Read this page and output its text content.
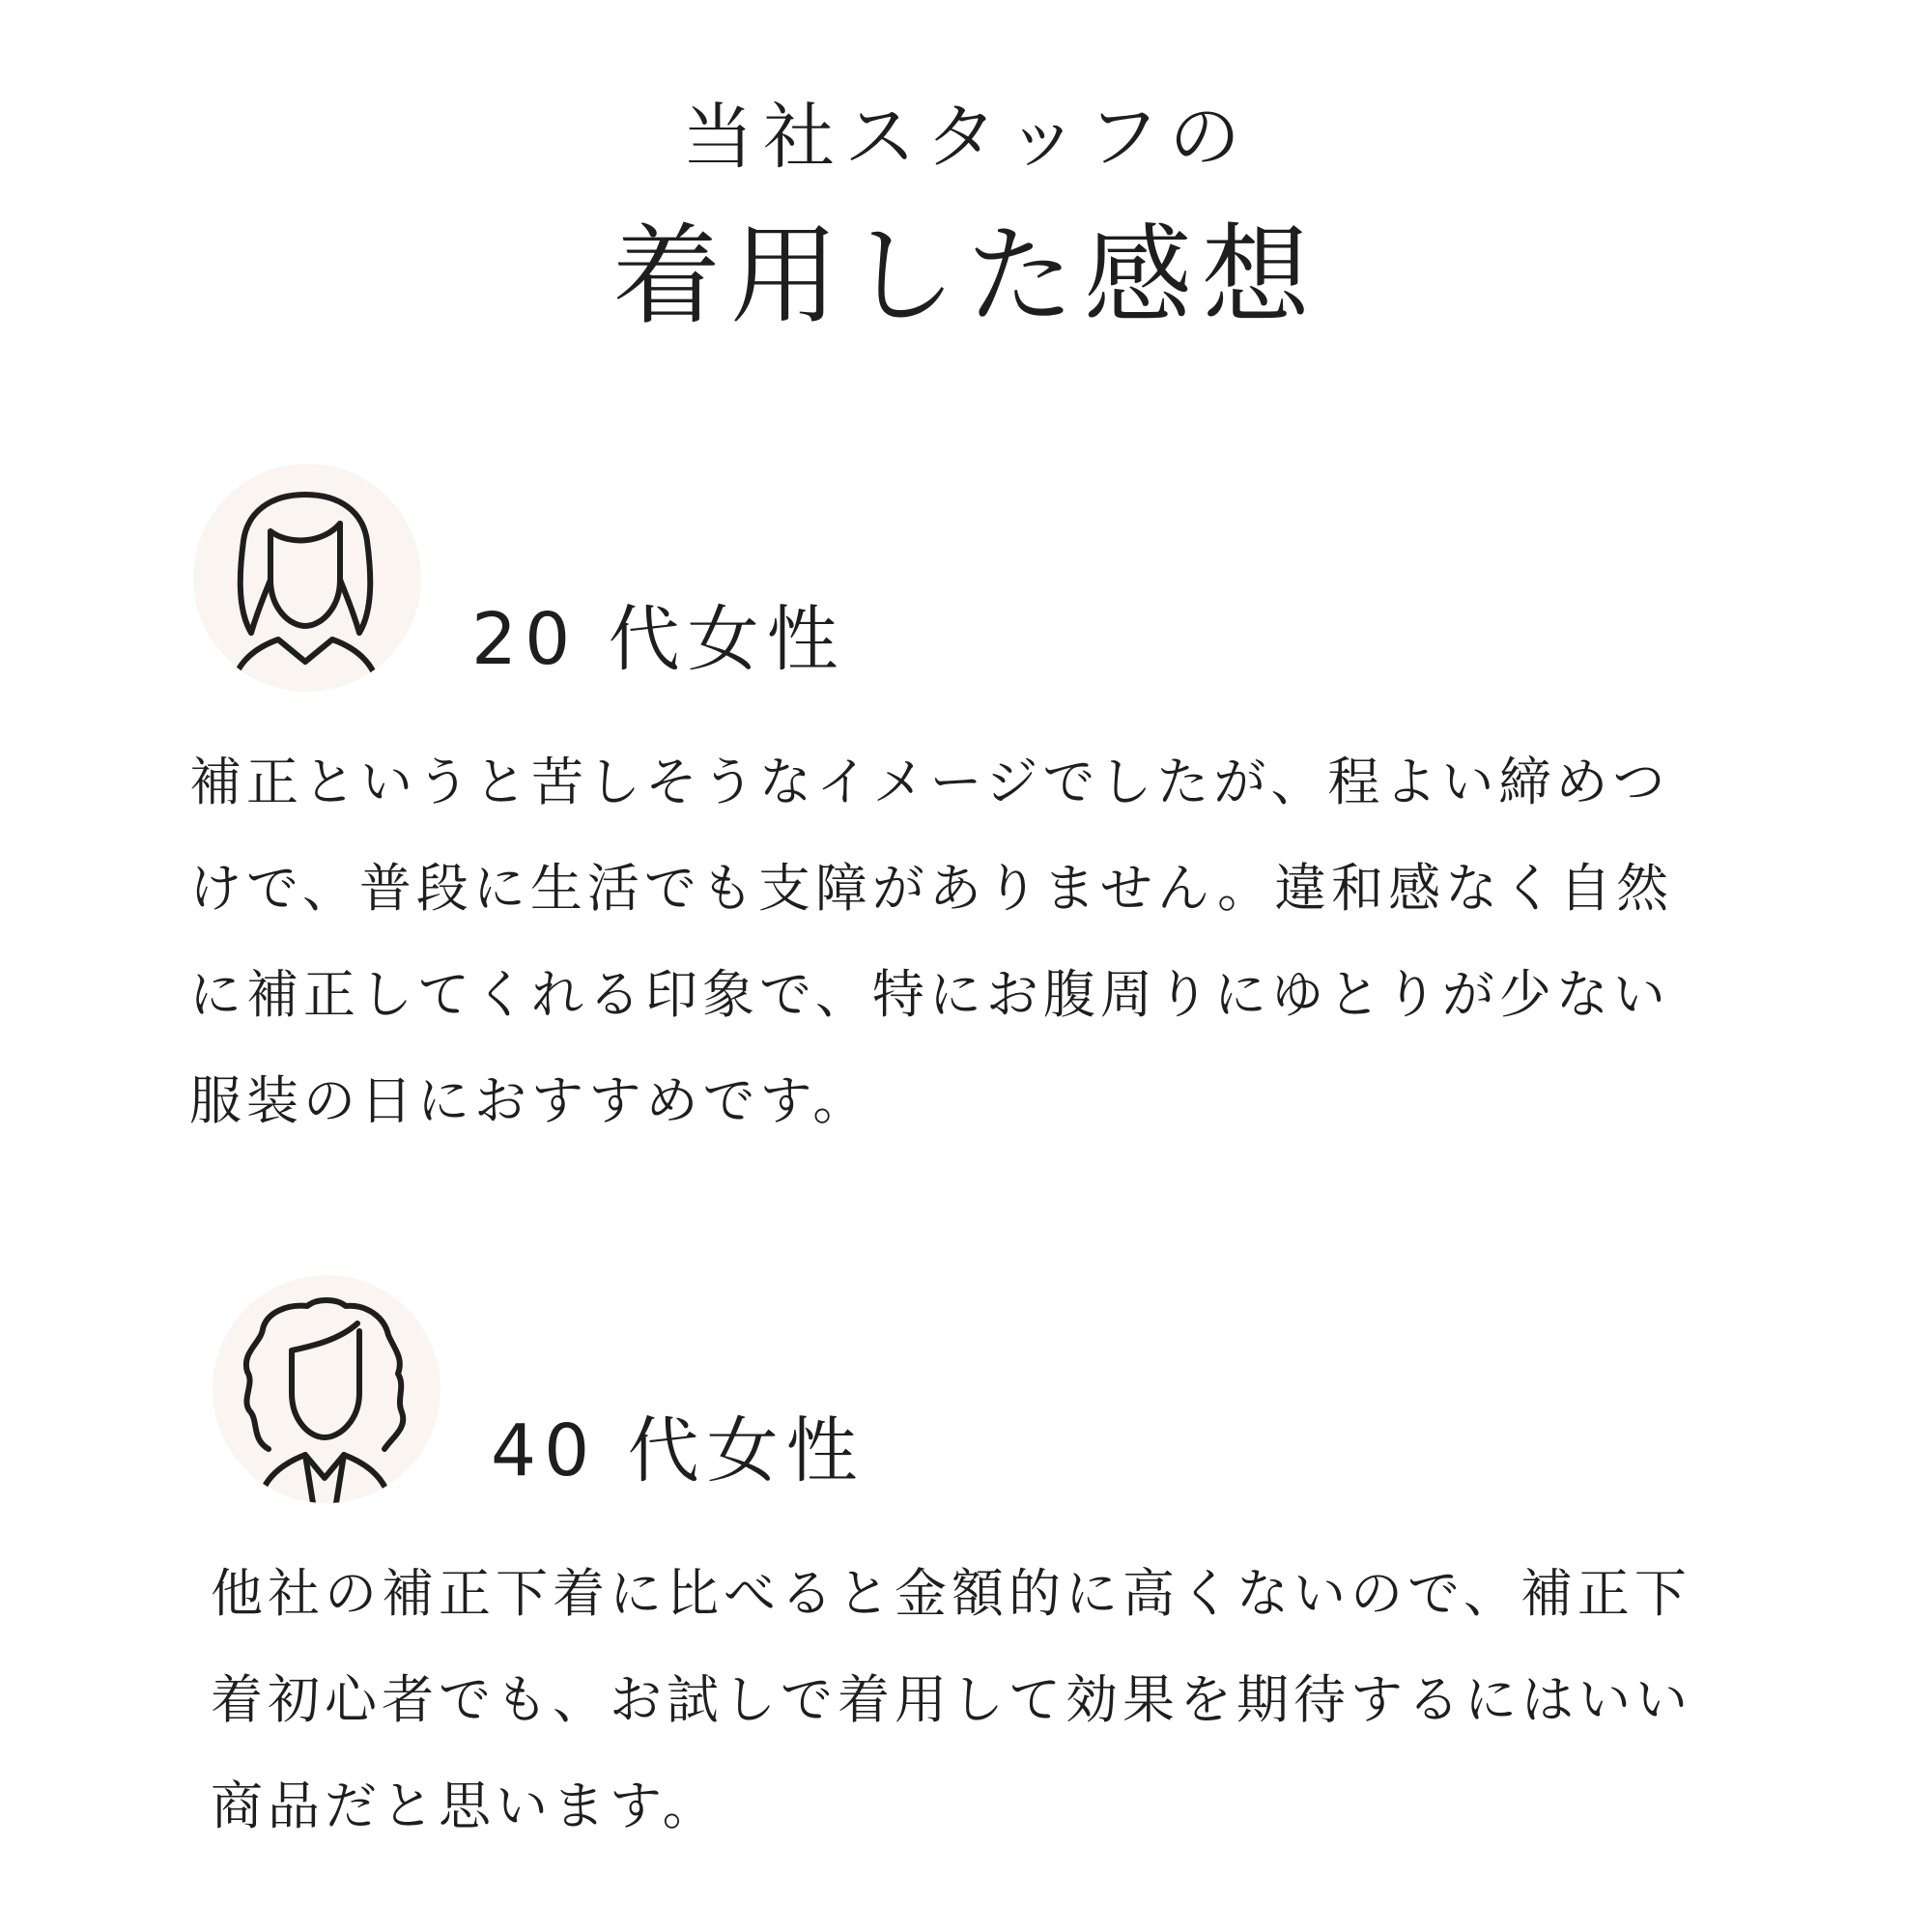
当社スタッフの
着用した感想
20 代女性
補正というと苦しそうなイメージでしたが、程よい締めつ
けで、普段に生活でも支障がありません。違和感なく自然
に補正してくれる印象で、特にお腹周りにゆとりが少ない
服装の日におすすめです。
40 代女性
他社の補正下着に比べると金額的に高くないので、補正下
着初心者でも、お試しで着用して効果を期待するにはいい
商品だと思います。
